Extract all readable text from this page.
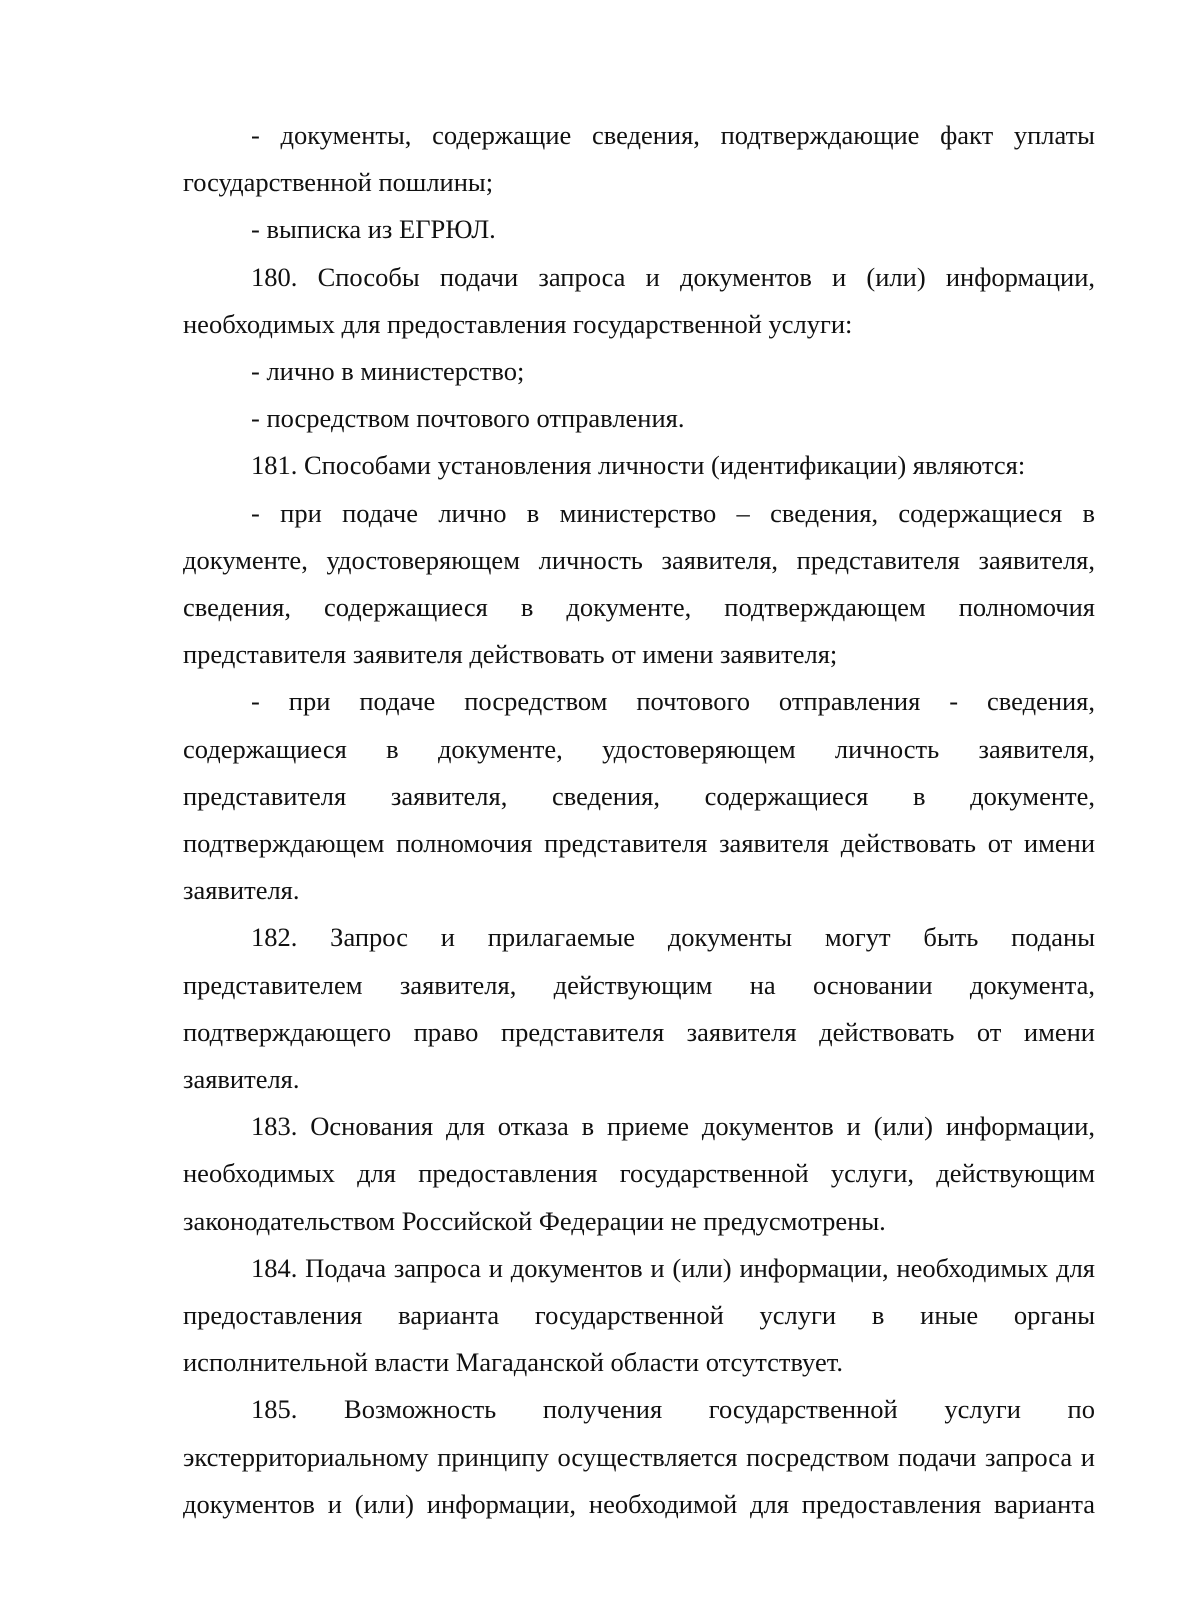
- документы, содержащие сведения, подтверждающие факт уплаты государственной пошлины;

- выписка из ЕГРЮЛ.

180. Способы подачи запроса и документов и (или) информации, необходимых для предоставления государственной услуги:

- лично в министерство;

- посредством почтового отправления.

181. Способами установления личности (идентификации) являются:

- при подаче лично в министерство – сведения, содержащиеся в документе, удостоверяющем личность заявителя, представителя заявителя, сведения, содержащиеся в документе, подтверждающем полномочия представителя заявителя действовать от имени заявителя;

- при подаче посредством почтового отправления - сведения, содержащиеся в документе, удостоверяющем личность заявителя, представителя заявителя, сведения, содержащиеся в документе, подтверждающем полномочия представителя заявителя действовать от имени заявителя.

182. Запрос и прилагаемые документы могут быть поданы представителем заявителя, действующим на основании документа, подтверждающего право представителя заявителя действовать от имени заявителя.

183. Основания для отказа в приеме документов и (или) информации, необходимых для предоставления государственной услуги, действующим законодательством Российской Федерации не предусмотрены.

184. Подача запроса и документов и (или) информации, необходимых для предоставления варианта государственной услуги в иные органы исполнительной власти Магаданской области отсутствует.

185. Возможность получения государственной услуги по экстерриториальному принципу осуществляется посредством подачи запроса и документов и (или) информации, необходимой для предоставления варианта
